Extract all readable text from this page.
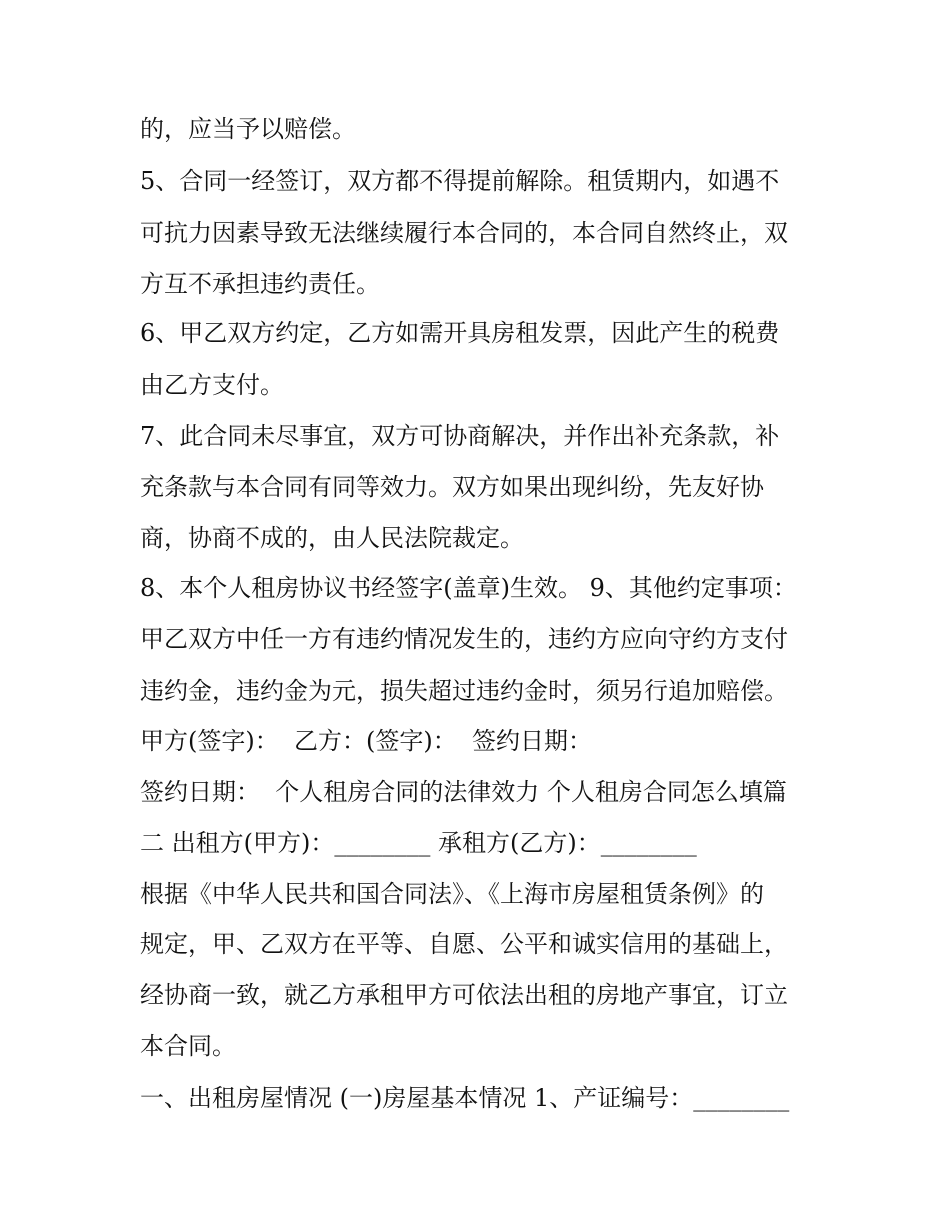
的，应当予以赔偿。
5、合同一经签订，双方都不得提前解除。租赁期内，如遇不
可抗力因素导致无法继续履行本合同的，本合同自然终止，双
方互不承担违约责任。
6、甲乙双方约定，乙方如需开具房租发票，因此产生的税费
由乙方支付。
7、此合同未尽事宜，双方可协商解决，并作出补充条款，补
充条款与本合同有同等效力。双方如果出现纠纷，先友好协
商，协商不成的，由人民法院裁定。
8、本个人租房协议书经签字(盖章)生效。 9、其他约定事项：
甲乙双方中任一方有违约情况发生的，违约方应向守约方支付
违约金，违约金为元，损失超过违约金时，须另行追加赔偿。
甲方(签字)：  乙方：(签字)：  签约日期：
签约日期：  个人租房合同的法律效力 个人租房合同怎么填篇
二 出租方(甲方)：________ 承租方(乙方)：________
根据《中华人民共和国合同法》、《上海市房屋租赁条例》的
规定，甲、乙双方在平等、自愿、公平和诚实信用的基础上，
经协商一致，就乙方承租甲方可依法出租的房地产事宜，订立
本合同。
一、出租房屋情况 (一)房屋基本情况 1、产证编号：________
